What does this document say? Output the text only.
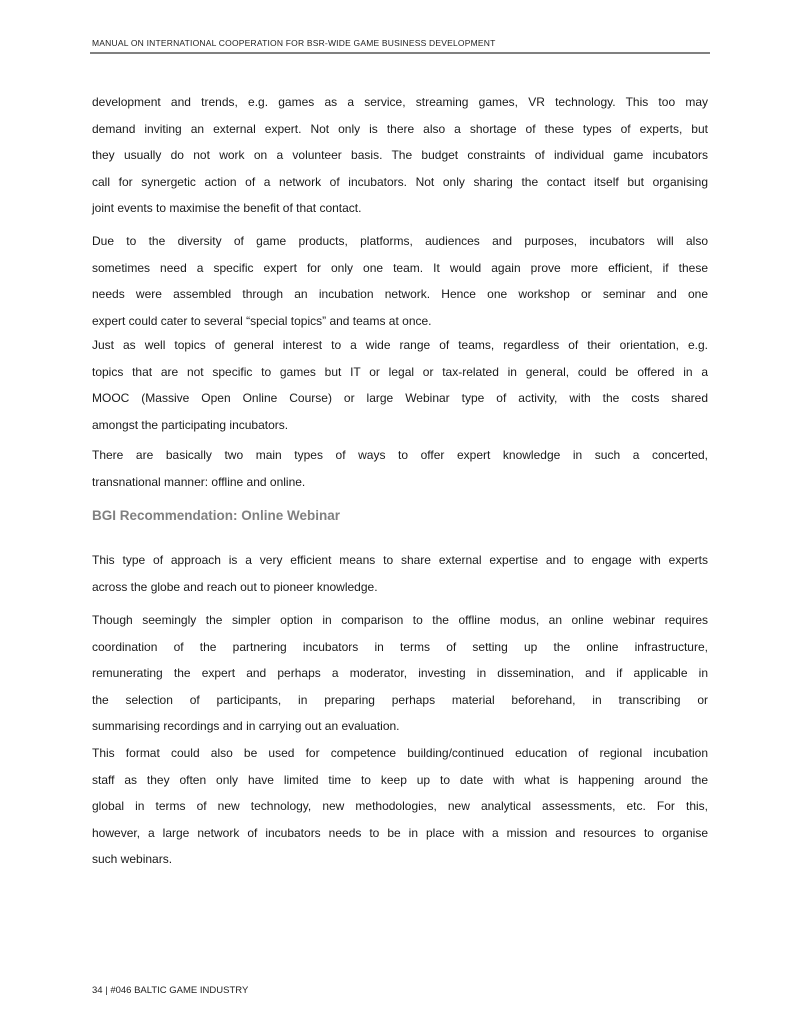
MANUAL ON INTERNATIONAL COOPERATION FOR BSR-WIDE GAME BUSINESS DEVELOPMENT
development and trends, e.g. games as a service, streaming games, VR technology. This too may
demand inviting an external expert. Not only is there also a shortage of these types of experts, but
they usually do not work on a volunteer basis. The budget constraints of individual game incubators
call for synergetic action of a network of incubators. Not only sharing the contact itself but organising
joint events to maximise the benefit of that contact.
Due to the diversity of game products, platforms, audiences and purposes, incubators will also
sometimes need a specific expert for only one team. It would again prove more efficient, if these
needs were assembled through an incubation network. Hence one workshop or seminar and one
expert could cater to several “special topics” and teams at once.
Just as well topics of general interest to a wide range of teams, regardless of their orientation, e.g.
topics that are not specific to games but IT or legal or tax-related in general, could be offered in a
MOOC (Massive Open Online Course) or large Webinar type of activity, with the costs shared
amongst the participating incubators.
There are basically two main types of ways to offer expert knowledge in such a concerted,
transnational manner: offline and online.
BGI Recommendation: Online Webinar
This type of approach is a very efficient means to share external expertise and to engage with experts
across the globe and reach out to pioneer knowledge.
Though seemingly the simpler option in comparison to the offline modus, an online webinar requires
coordination of the partnering incubators in terms of setting up the online infrastructure,
remunerating the expert and perhaps a moderator, investing in dissemination, and if applicable in
the selection of participants, in preparing perhaps material beforehand, in transcribing or
summarising recordings and in carrying out an evaluation.
This format could also be used for competence building/continued education of regional incubation
staff as they often only have limited time to keep up to date with what is happening around the
global in terms of new technology, new methodologies, new analytical assessments, etc. For this,
however, a large network of incubators needs to be in place with a mission and resources to organise
such webinars.
34 | #046 BALTIC GAME INDUSTRY
